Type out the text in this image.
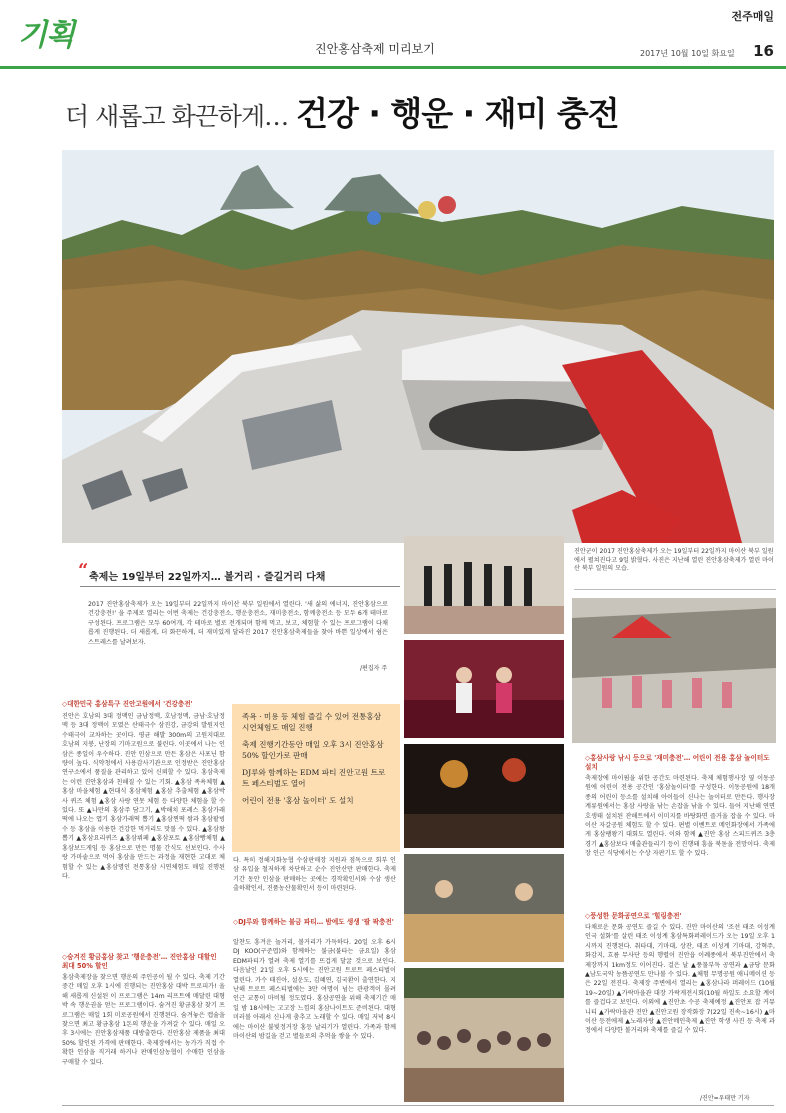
기획	진안홍삼축제 미리보기
전주매일
2017년 10월 10일 화요일 16
더 새롭고 화끈하게… 건강 · 행운 · 재미 충전
진안군이 2017 진안홍삼축제가 오는 19일부터 22일까지 마이산 북부 일원에서 펼쳐진다고 9일 밝혔다. 사진은 지난해 열린 진안홍삼축제가 열린 마이산 북부 일원의 모습.
“ 축제는 19일부터 22일까지… 볼거리 · 즐길거리 다채
2017 진안홍삼축제가 오는 19일부터 22일까지 마이산 북부 일원에서 열린다. '새 삶의 에너지, 진안홍삼으로 건강충전!' 을 주제로 열리는 이번 축제는 건강충전소, 행운충전소, 재미충전소, 함께충전소 등 모두 6개 테마로 구성된다. 프로그램은 모두 60여개, 각 테마로 별로 전개되며 함께 먹고, 보고, 체험할 수 있는 프로그램이 다채롭게 진행된다. 더 새롭게, 더 화끈하게, 더 재미있게 달라진 2017 진안홍삼축제들을 찾아 바쁜 일상에서 쉼은 스트레스를 날려보자.
/편집자 주
◇대한민국 홍삼특구 진안고원에서 '건강충전'
진안은 호남의 3대 정맥인 금남정맥, 호남정맥, 금남·호남정맥 등 3대 정맥이 모였은 산태극수 삼진강, 금강의 발원지인 수태극이 교차하는 곳이다. 평균 해발 300m의 고원지대로 호남의 지붕, 난장의 기마고원으로 불린다. 이곳에서 나는 인삼은 종일이 우수하다. 진안 인삼으로 만든 홍삼은 사포닌 함량이 높다. 식약청에서 사용감사기관으로 인정받은 진안홍삼연구소에서 품질을 관리하고 있어 신뢰할 수 있다. 홍삼축제는 이런 진안홍삼과 친해질 수 있는 기회. ▲홍삼 족욕체험 ▲홍삼 마을체험 ▲현대식 홍삼체험 ▲홍삼 추출체험 ▲홍삼박사 퀴즈 체험 ▲홍삼 사랑 연못 체험 등 다양한 체험을 할 수 있다. 또 ▲나만의 홍삼주 담그기, ▲박해치 포레스 홍삼가래떡에 나오는 엽기 홍삼가래떡 뽑기 ▲홍삼찐떡 쌈과 홍삼팥빙수 등 홍삼을 이용한 건강한 먹거리도 맛볼 수 있다. ▲홍삼왕뽑기 ▲홍삼요리퀴즈 ▲홍삼뷔페 ▲홍삼포토 ▲홍삼빵체험 ▲홍삼보드게임 등 홍삼으로 만든 명물 간식도 선보인다. 수사랑 가마솥으로 먹어 홍삼을 만드는 과정을 재현한 고대로 체험할 수 있는 ▲홍삼명인 전통홍삼 시연체험도 매일 진행된다.
◇숨겨진 황금홍삼 찾고 '행운충전'… 진안홍삼 대할인 최대 50% 할인
홍삼축제장을 찾으면 행운의 주인공이 될 수 있다. 축제 기간 중간 매일 오후 1시에 진행되는 진안홍삼 대박 트로피가! 올해 새롭게 신설된 이 프로그램은 14m 리프트에 매달린 대형 박 속 행운권을 얻는 프로그램이다. 숨겨진 황금홍삼 찾기 프로그램은 매일 1회 미로공원에서 진행된다. 숨겨놓은 캡슐을 찾으면 최고 황금홍삼 1돈의 행운을 가져갈 수 있다. 매일 오후 3시에는 진안홍삼제품 대방출한다. 진안홍삼 제품을 최대 50% 할인된 가격에 판매한다. 축제장에서는 농가가 직접 수확한 인삼을 직거래 하거나 판매인삼농협이 수매한 인삼을 구매할 수 있다.

족욕 · 미용 등 체험 즐길 수 있어 전통홍삼 시연체험도 매일 진행

축제 진행기간동안 매일 오후 3시 진안홍삼 50% 할인가로 판매

DJ루와 함께하는 EDM 파티 진안고원 트로트 페스티벌도 열어

어린이 전용 '홍삼 놀이터' 도 설치

다. 특히 정해지화농협 수삼판매장 지원과 점독으로 회부 인삼 유입을 철저하게 차단하고 순수 진안산만 판매한다. 축제 기간 동안 인삼을 판매하는 곳에는 경작확인서와 수삼 생산출하확인서, 진품농산물확인서 등이 마련된다.
◇DJ루와 함께하는 불금 파티… 밤에도 생생 '팔 팍충전'
알찬도 흥겨운 놀거리, 볼거리가 가득하다. 20일 오후 6시 DJ KOO(구준엽)와 함께하는 불금(불타는 금요일) 홍삼 EDM파티가 열려 축제 열기를 뜨겁게 달굴 것으로 보인다. 다음날인 21일 오후 5시에는 진안고원 트로트 페스티벌이 열린다. 가수 태진아, 설운도, 김혜연, 김국환이 출연한다. 지난해 트로트 페스티벌에는 3만 여명이 넘는 관광객이 몰려 인근 교통이 마비될 정도였다. 홍삼공연을 위해 축제기간 매일 밤 18시에는 고고장 느낌의 홍삼나이트도 준비된다. 대형 미러볼 아래서 신나게 춤추고 노래할 수 있다. 매일 저녁 8시에는 마이산 불빛정거장 홍등 날리기가 열린다. 가족과 함께 마이산의 밤길을 걷고 별들로의 추억을 쌓을 수 있다.
◇홍삼사랑 낚시 등으로 '재미충전'… 어린이 전용 홍삼 놀이터도 설치
축제장에 마이핌을 위한 공간도 마련된다. 축제 체험행사장 옆 이동공원에 어린이 전용 공간인 '홍삼놀이터'를 구성한다. 이동공원에 18개 종의 어린이 등소를 설치해 아이들이 신나는 놀이터로 만든다. 행사장 계류원에서는 홍삼 사랑을 낚는 손잡을 낚을 수 있다. 들어 지난해 연면 호생태 설치된 잔해트에서 이미지를 바탕화면 즐거울 잡을 수 있다. 마이산 자갈공원 체험도 할 수 있다. 편별 이벤트로 메인화장에서 가족에게 홍삼팽왕기 대회도 열린다. 이와 함께 ▲진안 홍삼 스피드퀴즈 3층 경기 ▲홍삼보다 매출관들리기 등이 진행돼 흥을 북돋을 전망이다. 축제장 인근 식당에서는 수상 자판기도 할 수 있다.
◇풍성한 문화공연으로 '힐링충전'
다채로운 문화 공연도 즐길 수 있다. 진안 마이산의 '조선 태조 이성계 인국 설화'를 살린 태조 이성계 홍삼특화퍼레이드가 오는 19일 오후 1시까지 진행된다. 취타대, 기마대, 상잔, 태조 이성계 기마대, 강혁주, 화감지, 흐름 무사단 등의 행렬이 진안읍 이례종에서 북부진안에서 축제장까지 1km정도 이어진다. 걸은 날 ▲풍물부득 공연과 ▲금당 문화 ▲남도국악 농뜸공연도 만나볼 수 있다. ▲체험 무명공원 애니메이션 등은 22일 전진다. 축제장 주변에서 열리는 ▲홍삼나라 퍼레이드 (10월 19~20일) ▲가락마을관 대장 가락게전시회(10월 하일도 소요할 계이를 즐겁다고 보인다. 이외에 ▲진안초 수공 축제예정 ▲진안포 잡 커뮤니티 ▲가락마을관 진안 ▲진안고원 장작화장 7(22일 진속~16시) ▲마이산 등전에제 ▲노래자랑 ▲진안메인축제 ▲진안 학생 사진 등 축제 과정에서 다양한 볼거리와 축제를 즐길 수 있다.
/진안=우태만 기자
